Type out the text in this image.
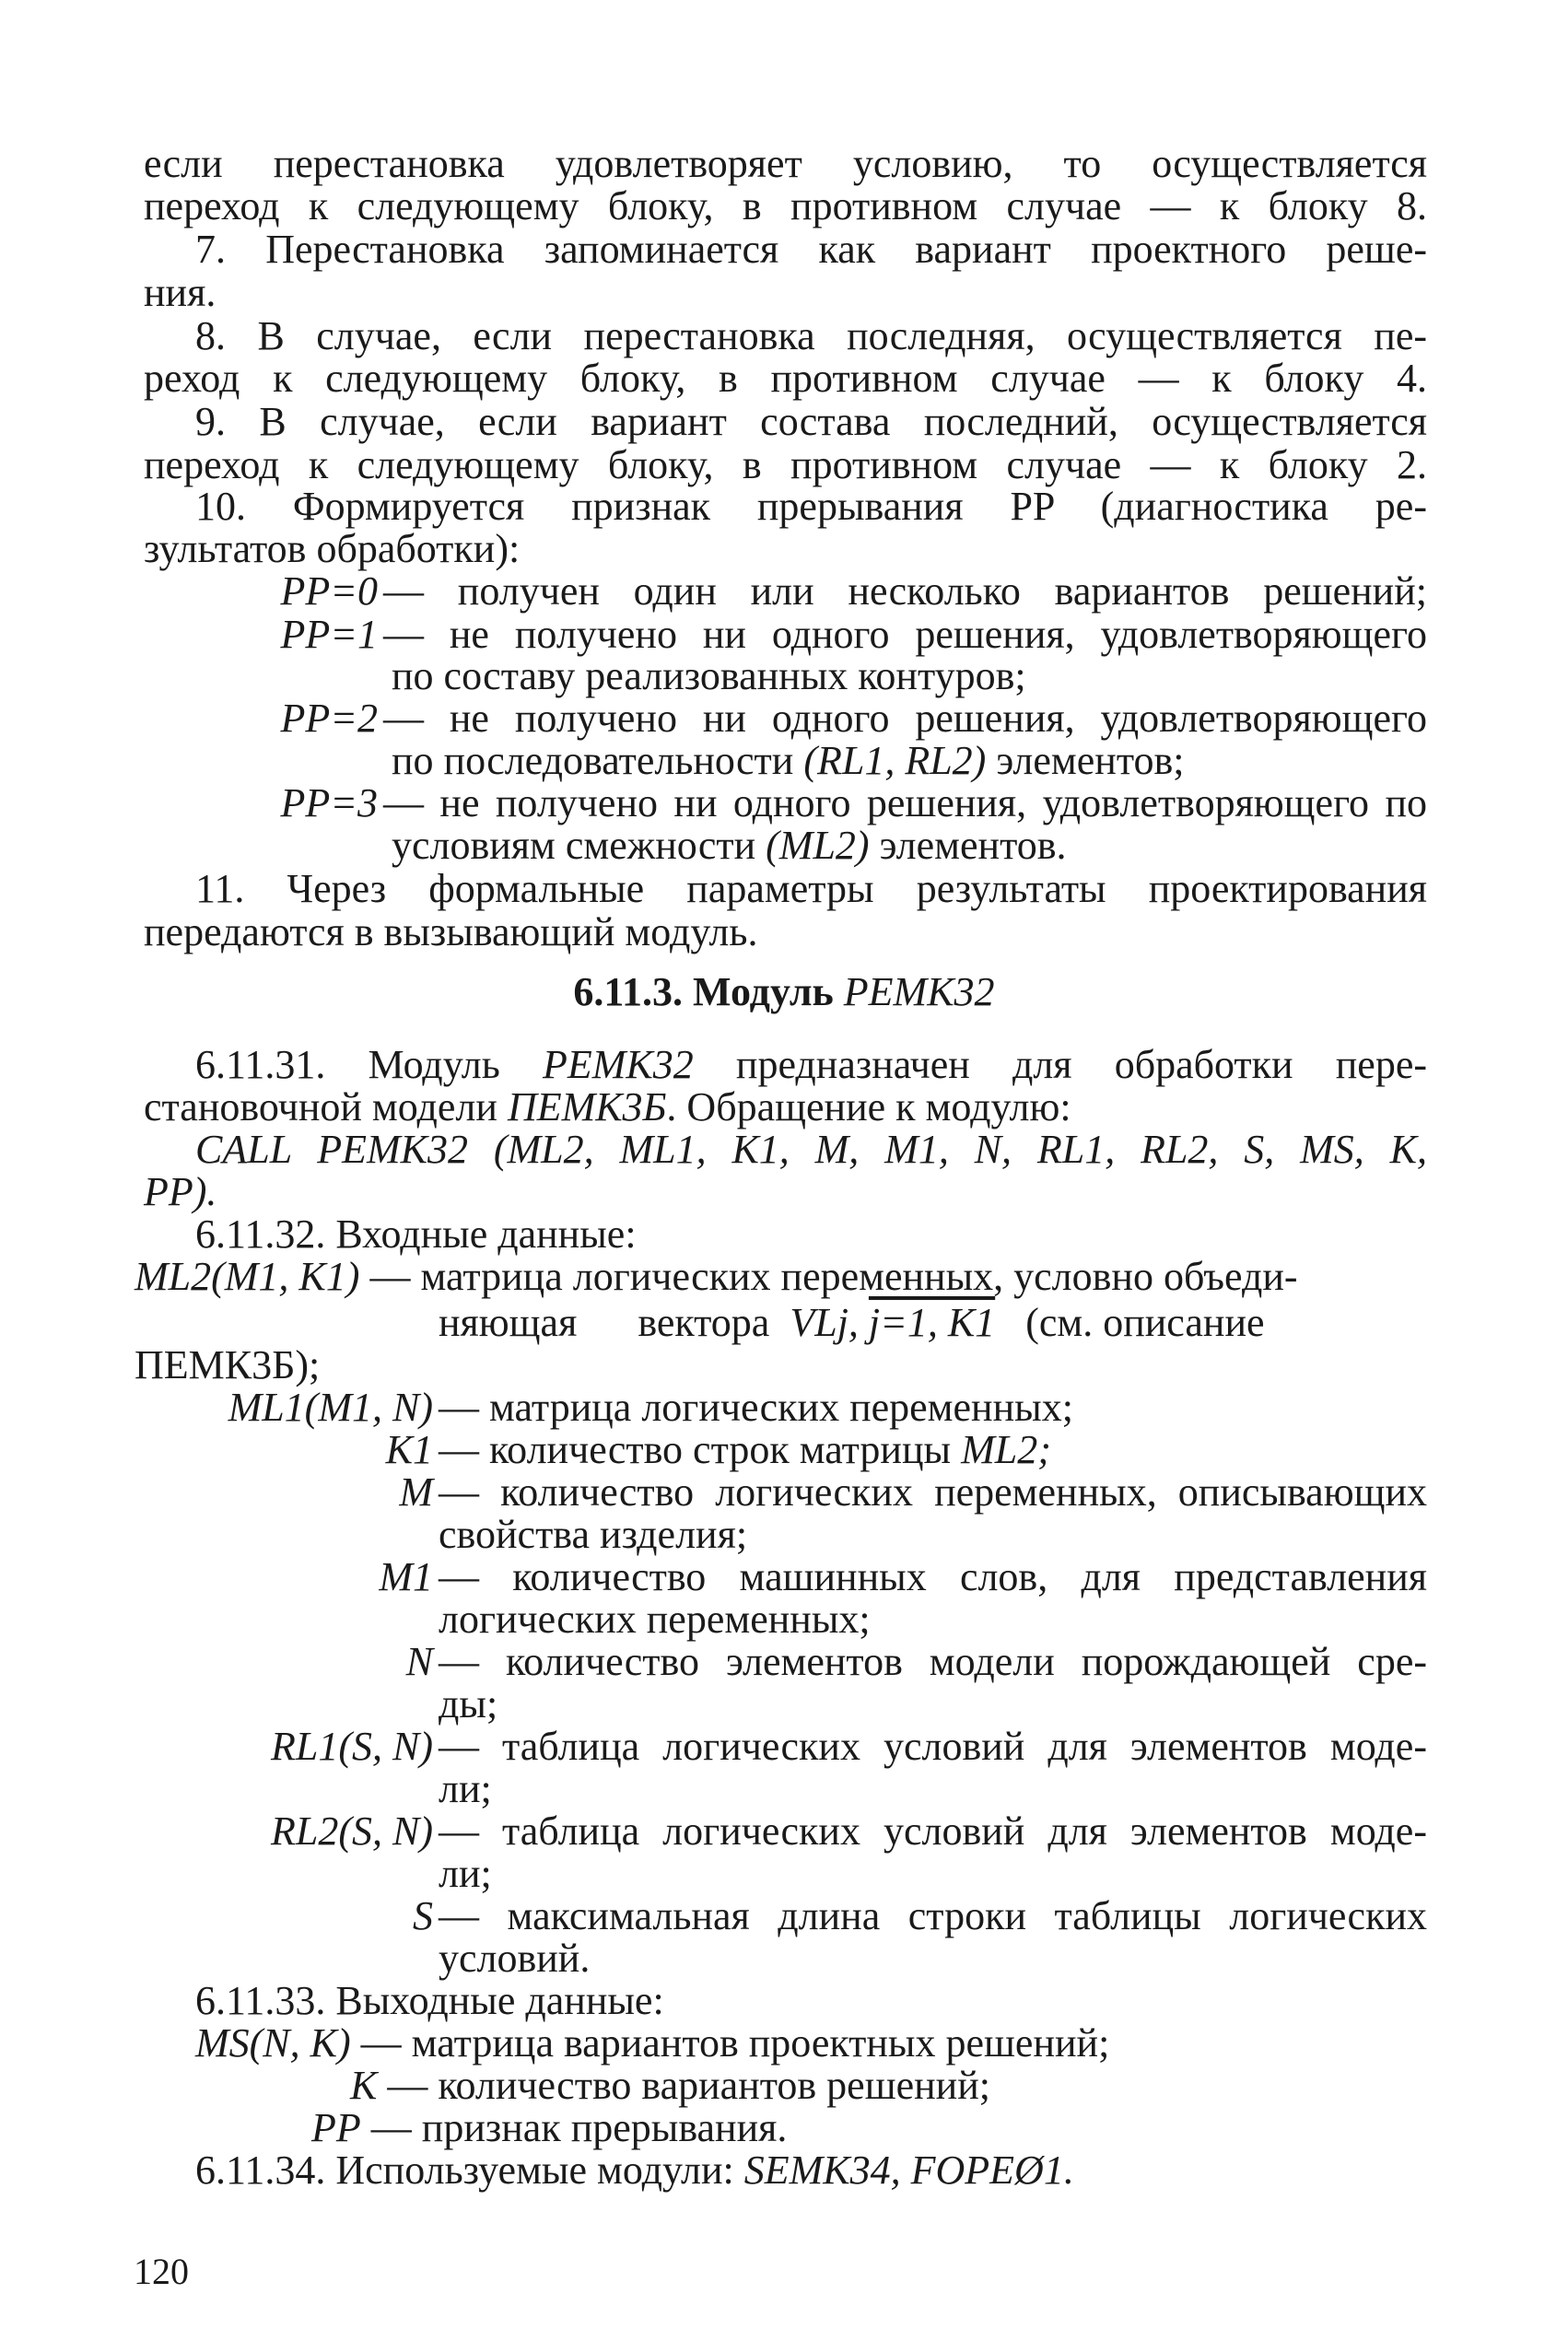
если перестановка удовлетворяет условию, то осуществляется
переход к следующему блоку, в противном случае — к блоку 8.
7. Перестановка запоминается как вариант проектного реше-
ния.
8. В случае, если перестановка последняя, осуществляется пе-
реход к следующему блоку, в противном случае — к блоку 4.
9. В случае, если вариант состава последний, осуществляется
переход к следующему блоку, в противном случае — к блоку 2.
10. Формируется признак прерывания PP (диагностика ре-
зультатов обработки):
PP=0 — получен один или несколько вариантов решений;
PP=1 — не получено ни одного решения, удовлетворяющего
по составу реализованных контуров;
PP=2 — не получено ни одного решения, удовлетворяющего
по последовательности (RL1, RL2) элементов;
PP=3 — не получено ни одного решения, удовлетворяющего по
условиям смежности (ML2) элементов.
11. Через формальные параметры результаты проектирования
передаются в вызывающий модуль.
6.11.3. Модуль PEMK32
6.11.31. Модуль PEMK32 предназначен для обработки пере-
становочной модели ПЕМК3Б. Обращение к модулю:
CALL PEMK32 (ML2, ML1, K1, M, M1, N, RL1, RL2, S, MS, K,
PP).
6.11.32. Входные данные:
ML2(M1, K1) — матрица логических переменных, условно объеди-
няющая вектора VLj, j=1, K1 (см. описание
ПЕМК3Б);
ML1(M1, N) — матрица логических переменных;
K1 — количество строк матрицы ML2;
M — количество логических переменных, описывающих
свойства изделия;
M1 — количество машинных слов, для представления
логических переменных;
N — количество элементов модели порождающей сре-
ды;
RL1(S, N) — таблица логических условий для элементов моде-
ли;
RL2(S, N) — таблица логических условий для элементов моде-
ли;
S — максимальная длина строки таблицы логических
условий.
6.11.33. Выходные данные:
MS(N, K) — матрица вариантов проектных решений;
K — количество вариантов решений;
PP — признак прерывания.
6.11.34. Используемые модули: SEMK34, FOPEØ1.
120
